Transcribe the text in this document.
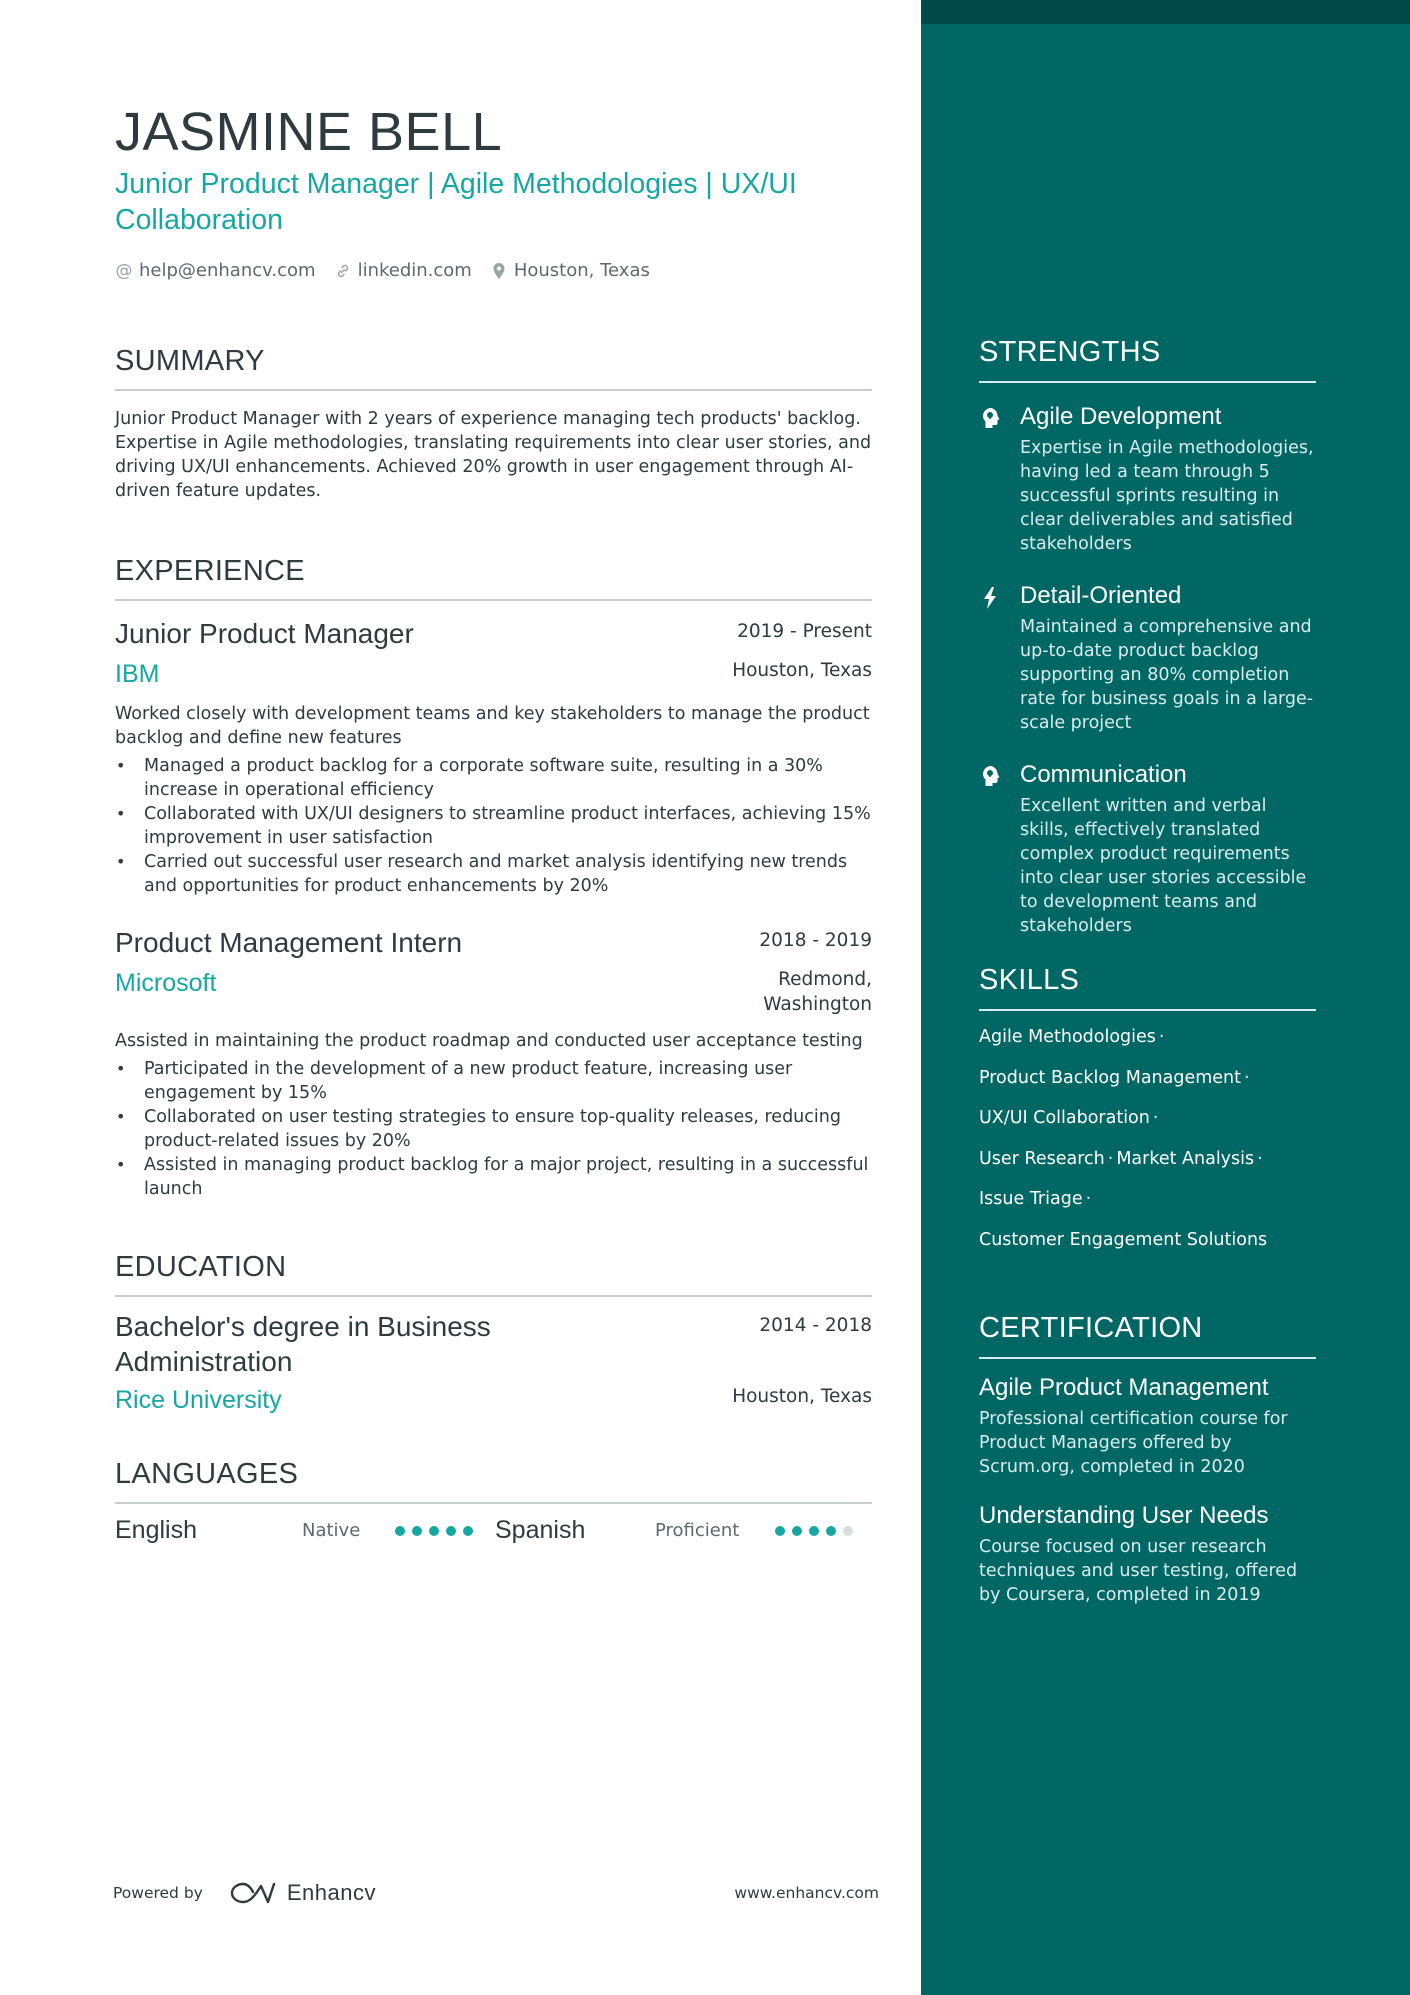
JASMINE BELL
Junior Product Manager | Agile Methodologies | UX/UI Collaboration
@ help@enhancv.com linkedin.com Houston, Texas
SUMMARY

Junior Product Manager with 2 years of experience managing tech products' backlog. Expertise in Agile methodologies, translating requirements into clear user stories, and driving UX/UI enhancements. Achieved 20% growth in user engagement through AI-driven feature updates.

EXPERIENCE
Junior Product Manager	2019 - Present
IBM	Houston, Texas

Worked closely with development teams and key stakeholders to manage the product backlog and define new features

• Managed a product backlog for a corporate software suite, resulting in a 30% increase in operational efficiency
• Collaborated with UX/UI designers to streamline product interfaces, achieving 15% improvement in user satisfaction
• Carried out successful user research and market analysis identifying new trends and opportunities for product enhancements by 20%
Product Management Intern	2018 - 2019
Microsoft	Redmond,
Washington

Assisted in maintaining the product roadmap and conducted user acceptance testing

• Participated in the development of a new product feature, increasing user engagement by 15%
• Collaborated on user testing strategies to ensure top-quality releases, reducing product-related issues by 20%
• Assisted in managing product backlog for a major project, resulting in a successful launch
EDUCATION
Bachelor's degree in Business Administration
2014 - 2018
Rice University	Houston, Texas
LANGUAGES
English	Native	Spanish	Proficient
Powered by	Enhancv	www.enhancv.com
STRENGTHS
Agile Development
Expertise in Agile methodologies, having led a team through 5 successful sprints resulting in clear deliverables and satisfied stakeholders
Detail-Oriented
Maintained a comprehensive and up-to-date product backlog supporting an 80% completion rate for business goals in a large-scale project
Communication
Excellent written and verbal skills, effectively translated complex product requirements into clear user stories accessible to development teams and stakeholders
SKILLS
Agile Methodologies ·
Product Backlog Management ·
UX/UI Collaboration ·
User Research · Market Analysis ·
Issue Triage ·
Customer Engagement Solutions
CERTIFICATION
Agile Product Management
Professional certification course for Product Managers offered by Scrum.org, completed in 2020
Understanding User Needs
Course focused on user research techniques and user testing, offered by Coursera, completed in 2019
